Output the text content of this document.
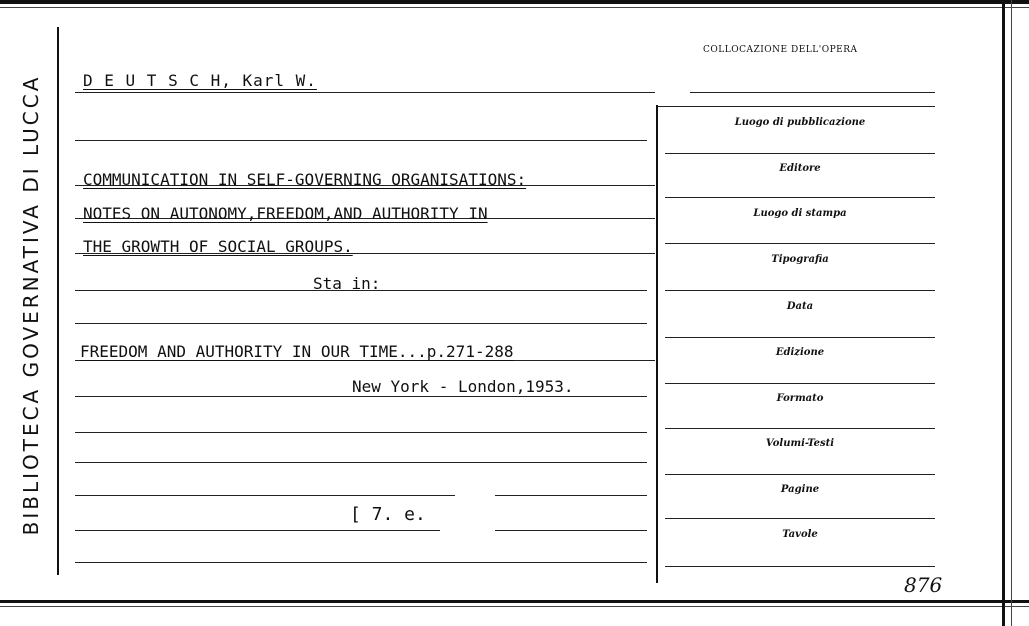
BIBLIOTECA GOVERNATIVA DI LUCCA	D E U T S C H, Karl W.
COMMUNICATION IN SELF-GOVERNING ORGANISATIONS:
NOTES ON AUTONOMY,FREEDOM,AND AUTHORITY IN
THE GROWTH OF SOCIAL GROUPS.
Sta in:
FREEDOM AND AUTHORITY IN OUR TIME...p.271-288
New York - London,1953.
[ 7. e.
COLLOCAZIONE DELL'OPERA
Luogo di pubblicazione
Editore
Luogo di stampa
Tipografia
Data
Edizione
Formato
Volumi-Testi
Pagine
Tavole
876
